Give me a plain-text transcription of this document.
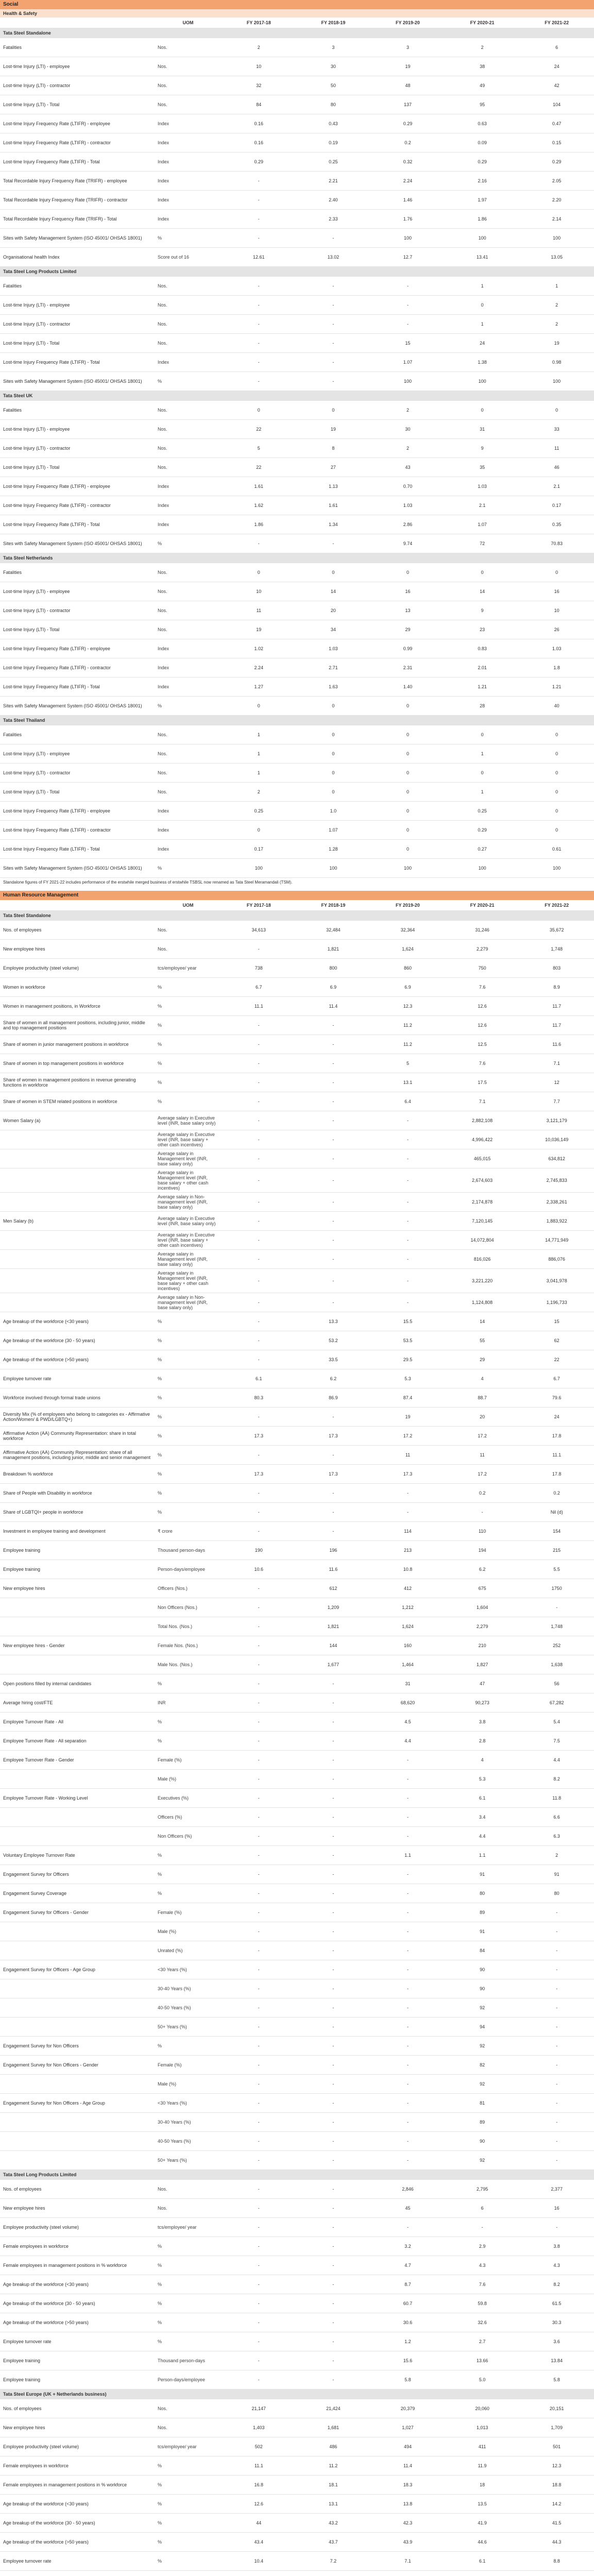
Social
Health & Safety
	UOM	FY 2017-18	FY 2018-19	FY 2019-20	FY 2020-21	FY 2021-22
Tata Steel Standalone						
Fatalities	Nos.	2	3	3	2	6
Lost-time Injury (LTI) - employee	Nos.	10	30	19	38	24
Lost-time Injury (LTI) - contractor	Nos.	32	50	48	49	42
Lost-time Injury (LTI) - Total	Nos.	84	80	137	95	104
Lost-time Injury Frequency Rate (LTIFR) - employee	Index	0.16	0.43	0.29	0.63	0.47
Lost-time Injury Frequency Rate (LTIFR) - contractor	Index	0.16	0.19	0.2	0.09	0.15
Lost-time Injury Frequency Rate (LTIFR) - Total	Index	0.29	0.25	0.32	0.29	0.29
Total Recordable Injury Frequency Rate (TRIFR) - employee	Index	-	2.21	2.24	2.16	2.05
Total Recordable Injury Frequency Rate (TRIFR) - contractor	Index	-	2.40	1.46	1.97	2.20
Total Recordable Injury Frequency Rate (TRIFR) - Total	Index	-	2.33	1.76	1.86	2.14
Sites with Safety Management System (ISO 45001/ OHSAS 18001)	%	-	-	100	100	100
Organisational health Index	Score out of 16	12.61	13.02	12.7	13.41	13.05
Tata Steel Long Products Limited						
Fatalities	Nos.	-	-	-	1	1
Lost-time Injury (LTI) - employee	Nos.	-	-	-	0	2
Lost-time Injury (LTI) - contractor	Nos.	-	-	-	1	2
Lost-time Injury (LTI) - Total	Nos.	-	-	15	24	19
Lost-time Injury Frequency Rate (LTIFR) - Total	Index	-	-	1.07	1.38	0.98
Sites with Safety Management System (ISO 45001/ OHSAS 18001)	%	-	-	100	100	100
Tata Steel UK						
Fatalities	Nos.	0	0	2	0	0
Lost-time Injury (LTI) - employee	Nos.	22	19	30	31	33
Lost-time Injury (LTI) - contractor	Nos.	5	8	2	9	11
Lost-time Injury (LTI) - Total	Nos.	22	27	43	35	46
Lost-time Injury Frequency Rate (LTIFR) - employee	Index	1.61	1.13	0.70	1.03	2.1
Lost-time Injury Frequency Rate (LTIFR) - contractor	Index	1.62	1.61	1.03	2.1	0.17
Lost-time Injury Frequency Rate (LTIFR) - Total	Index	1.86	1.34	2.86	1.07	0.35
Sites with Safety Management System (ISO 45001/ OHSAS 18001)	%	-	-	9.74	72	70.83
Tata Steel Netherlands						
Fatalities	Nos.	0	0	0	0	0
Lost-time Injury (LTI) - employee	Nos.	10	14	16	14	16
Lost-time Injury (LTI) - contractor	Nos.	11	20	13	9	10
Lost-time Injury (LTI) - Total	Nos.	19	34	29	23	26
Lost-time Injury Frequency Rate (LTIFR) - employee	Index	1.02	1.03	0.99	0.83	1.03
Lost-time Injury Frequency Rate (LTIFR) - contractor	Index	2.24	2.71	2.31	2.01	1.8
Lost-time Injury Frequency Rate (LTIFR) - Total	Index	1.27	1.63	1.40	1.21	1.21
Sites with Safety Management System (ISO 45001/ OHSAS 18001)	%	0	0	0	28	40
Tata Steel Thailand						
Fatalities	Nos.	1	0	0	0	0
Lost-time Injury (LTI) - employee	Nos.	1	0	0	1	0
Lost-time Injury (LTI) - contractor	Nos.	1	0	0	0	0
Lost-time Injury (LTI) - Total	Nos.	2	0	0	1	0
Lost-time Injury Frequency Rate (LTIFR) - employee	Index	0.25	1.0	0	0.25	0
Lost-time Injury Frequency Rate (LTIFR) - contractor	Index	0	1.07	0	0.29	0
Lost-time Injury Frequency Rate (LTIFR) - Total	Index	0.17	1.28	0	0.27	0.61
Sites with Safety Management System (ISO 45001/ OHSAS 18001)	%	100	100	100	100	100
Standalone figures of FY 2021-22 includes performance of the erstwhile merged business of erstwhile TSBSL now renamed as Tata Steel Meramandali (TSM).
Human Resource Management
	UOM	FY 2017-18	FY 2018-19	FY 2019-20	FY 2020-21	FY 2021-22
Tata Steel Standalone						
Nos. of employees	Nos.	34,613	32,484	32,364	31,246	35,672
New employee hires	Nos.	-	1,821	1,624	2,279	1,748
Employee productivity (steel volume)	tcs/employee/ year	738	800	860	750	803
Women in workforce	%	6.7	6.9	6.9	7.6	8.9
Women in management positions, in Workforce	%	11.1	11.4	12.3	12.6	11.7
Share of women in all management positions, including junior, middle and top management positions	%	-	-	11.2	12.6	11.7
Share of women in junior management positions in workforce	%	-	-	11.2	12.5	11.6
Share of women in top management positions in workforce	%	-	-	5	7.6	7.1
Share of women in management positions in revenue generating functions in workforce	%	-	-	13.1	17.5	12
Share of women in STEM related positions in workforce	%	-	-	6.4	7.1	7.7
Women Salary (a)	Average salary in Executive level (INR, base salary only)	-	-	-	2,882,108	3,121,179
	Average salary in Executive level (INR, base salary + other cash incentives)	-	-	-	4,996,422	10,036,149
	Average salary in Management level (INR, base salary only)	-	-	-	465,015	634,812
	Average salary in Management level (INR, base salary + other cash incentives)	-	-	-	2,674,603	2,745,833
	Average salary in Non-management level (INR, base salary only)	-	-	-	2,174,878	2,338,261
Men Salary (b)	Average salary in Executive level (INR, base salary only)	-	-	-	7,120,145	1,883,922
	Average salary in Executive level (INR, base salary + other cash incentives)	-	-	-	14,072,804	14,771,949
	Average salary in Management level (INR, base salary only)	-	-	-	816,026	886,076
	Average salary in Management level (INR, base salary + other cash incentives)	-	-	-	3,221,220	3,041,978
	Average salary in Non-management level (INR, base salary only)	-	-	-	1,124,808	1,196,733
Age breakup of the workforce (<30 years)	%	-	13.3	15.5	14	15
Age breakup of the workforce (30 - 50 years)	%	-	53.2	53.5	55	62
Age breakup of the workforce (>50 years)	%	-	33.5	29.5	29	22
Employee turnover rate	%	6.1	6.2	5.3	4	6.7
Workforce involved through formal trade unions	%	80.3	86.9	87.4	88.7	79.6
Diversity Mix (% of employees who belong to categories ex - Affirmative Action/Women/ & PWD/LGBTQ+)	%	-	-	19	20	24
Affirmative Action (AA) Community Representation: share in total workforce	%	17.3	17.3	17.2	17.2	17.8
Affirmative Action (AA) Community Representation: share of all management positions, including junior, middle and senior management	%	-	-	11	11	11.1
Breakdown % workforce	%	17.3	17.3	17.3	17.2	17.8
Share of People with Disability in workforce	%	-	-	-	0.2	0.2
Share of LGBTQI+ people in workforce	%	-	-	-	-	Nil (d)
Investment in employee training and development	₹ crore	-	-	114	110	154
Employee training	Thousand person-days	190	196	213	194	215
Employee training	Person-days/employee	10.6	11.6	10.8	6.2	5.5
New employee hires	Officers (Nos.)	-	612	412	675	1750
	Non Officers (Nos.)	-	1,209	1,212	1,604	-
	Total Nos. (Nos.)	-	1,821	1,624	2,279	1,748
New employee hires - Gender	Female Nos. (Nos.)	-	144	160	210	252
	Male Nos. (Nos.)	-	1,677	1,464	1,827	1,638
Open positions filled by internal candidates	%	-	-	31	47	56
Average hiring cost/FTE	INR	-	-	68,620	90,273	67,282
Employee Turnover Rate - All	%	-	-	4.5	3.8	5.4
Employee Turnover Rate - All separation	%	-	-	4.4	2.8	7.5
Employee Turnover Rate - Gender	Female (%)	-	-	-	4	4.4
	Male (%)	-	-	-	5.3	8.2
Employee Turnover Rate - Working Level	Executives (%)	-	-	-	6.1	11.8
	Officers (%)	-	-	-	3.4	6.6
	Non Officers (%)	-	-	-	4.4	6.3
Voluntary Employee Turnover Rate	%	-	-	1.1	1.1	2
Engagement Survey for Officers	%	-	-	-	91	91
Engagement Survey Coverage	%	-	-	-	80	80
Engagement Survey for Officers - Gender	Female (%)	-	-	-	89	-
	Male (%)	-	-	-	91	-
	Unrated (%)	-	-	-	84	-
Engagement Survey for Officers - Age Group	<30 Years (%)	-	-	-	90	-
	30-40 Years (%)	-	-	-	90	-
	40-50 Years (%)	-	-	-	92	-
	50+ Years (%)	-	-	-	94	-
Engagement Survey for Non Officers	%	-	-	-	92	-
Engagement Survey for Non Officers - Gender	Female (%)	-	-	-	82	-
	Male (%)	-	-	-	92	-
Engagement Survey for Non Officers - Age Group	<30 Years (%)	-	-	-	81	-
	30-40 Years (%)	-	-	-	89	-
	40-50 Years (%)	-	-	-	90	-
	50+ Years (%)	-	-	-	92	-
Tata Steel Long Products Limited						
Nos. of employees	Nos.	-	-	2,846	2,795	2,377
New employee hires	Nos.	-	-	45	6	16
Employee productivity (steel volume)	tcs/employee/ year	-	-	-	-	-
Female employees in workforce	%	-	-	3.2	2.9	3.8
Female employees in management positions in % workforce	%	-	-	4.7	4.3	4.3
Age breakup of the workforce (<30 years)	%	-	-	8.7	7.6	8.2
Age breakup of the workforce (30 - 50 years)	%	-	-	60.7	59.8	61.5
Age breakup of the workforce (>50 years)	%	-	-	30.6	32.6	30.3
Employee turnover rate	%	-	-	1.2	2.7	3.6
Employee training	Thousand person-days	-	-	15.6	13.66	13.84
Employee training	Person-days/employee	-	-	5.8	5.0	5.8
Tata Steel Europe (UK + Netherlands business)						
Nos. of employees	Nos.	21,147	21,424	20,379	20,060	20,151
New employee hires	Nos.	1,403	1,681	1,027	1,013	1,709
Employee productivity (steel volume)	tcs/employee/ year	502	486	494	411	501
Female employees in workforce	%	11.1	11.2	11.4	11.9	12.3
Female employees in management positions in % workforce	%	16.8	18.1	18.3	18	18.8
Age breakup of the workforce (<30 years)	%	12.6	13.1	13.8	13.5	14.2
Age breakup of the workforce (30 - 50 years)	%	44	43.2	42.3	41.9	41.5
Age breakup of the workforce (>50 years)	%	43.4	43.7	43.9	44.6	44.3
Employee turnover rate	%	10.4	7.2	7.1	6.1	8.8
